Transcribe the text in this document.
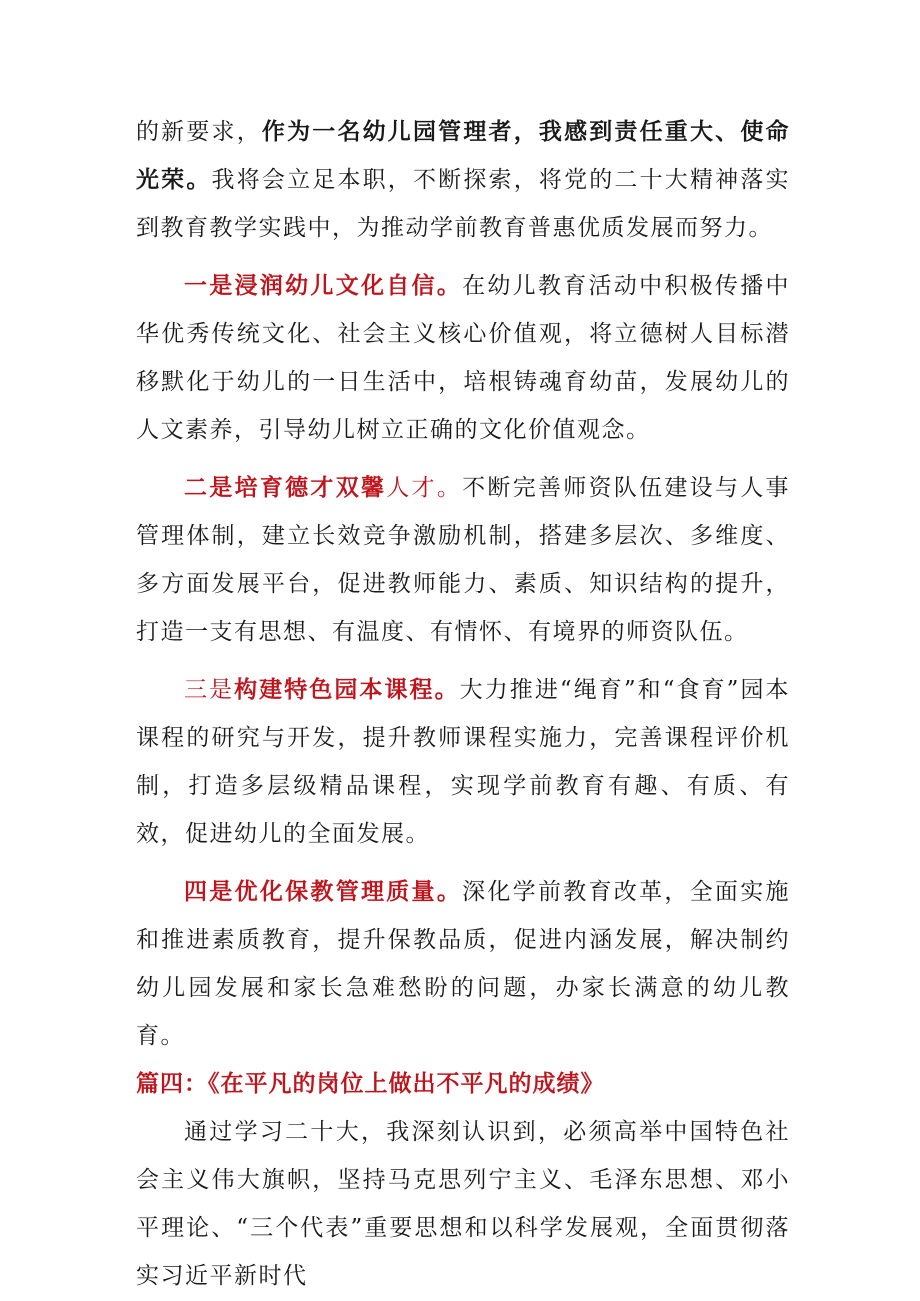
的新要求，作为一名幼儿园管理者，我感到责任重大、使命光荣。我将会立足本职，不断探索，将党的二十大精神落实到教育教学实践中，为推动学前教育普惠优质发展而努力。

一是浸润幼儿文化自信。在幼儿教育活动中积极传播中华优秀传统文化、社会主义核心价值观，将立德树人目标潜移默化于幼儿的一日生活中，培根铸魂育幼苗，发展幼儿的人文素养，引导幼儿树立正确的文化价值观念。

二是培育德才双馨人才。不断完善师资队伍建设与人事管理体制，建立长效竞争激励机制，搭建多层次、多维度、多方面发展平台，促进教师能力、素质、知识结构的提升，打造一支有思想、有温度、有情怀、有境界的师资队伍。

三是构建特色园本课程。大力推进“绳育”和“食育”园本课程的研究与开发，提升教师课程实施力，完善课程评价机制，打造多层级精品课程，实现学前教育有趣、有质、有效，促进幼儿的全面发展。

四是优化保教管理质量。深化学前教育改革，全面实施和推进素质教育，提升保教品质，促进内涵发展，解决制约幼儿园发展和家长急难愁盼的问题，办家长满意的幼儿教育。

篇四：《在平凡的岗位上做出不平凡的成绩》

通过学习二十大，我深刻认识到，必须高举中国特色社会主义伟大旗帜，坚持马克思列宁主义、毛泽东思想、邓小平理论、“三个代表”重要思想和以科学发展观，全面贯彻落实习近平新时代
